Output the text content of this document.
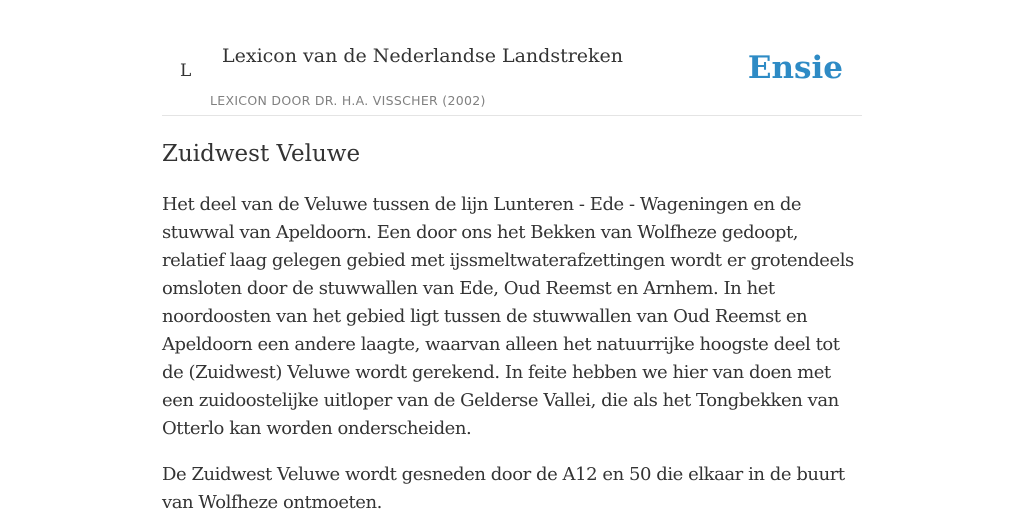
L
Lexicon van de Nederlandse Landstreken
LEXICON DOOR DR. H.A. VISSCHER (2002)
Ensie
Zuidwest Veluwe

Het deel van de Veluwe tussen de lijn Lunteren - Ede - Wageningen en de stuwwal van Apeldoorn. Een door ons het Bekken van Wolfheze gedoopt, relatief laag gelegen gebied met ijssmeltwaterafzettingen wordt er grotendeels omsloten door de stuwwallen van Ede, Oud Reemst en Arnhem. In het noordoosten van het gebied ligt tussen de stuwwallen van Oud Reemst en Apeldoorn een andere laagte, waarvan alleen het natuurrijke hoogste deel tot de (Zuidwest) Veluwe wordt gerekend. In feite hebben we hier van doen met een zuidoostelijke uitloper van de Gelderse Vallei, die als het Tongbekken van Otterlo kan worden onderscheiden.

De Zuidwest Veluwe wordt gesneden door de A12 en 50 die elkaar in de buurt van Wolfheze ontmoeten.
